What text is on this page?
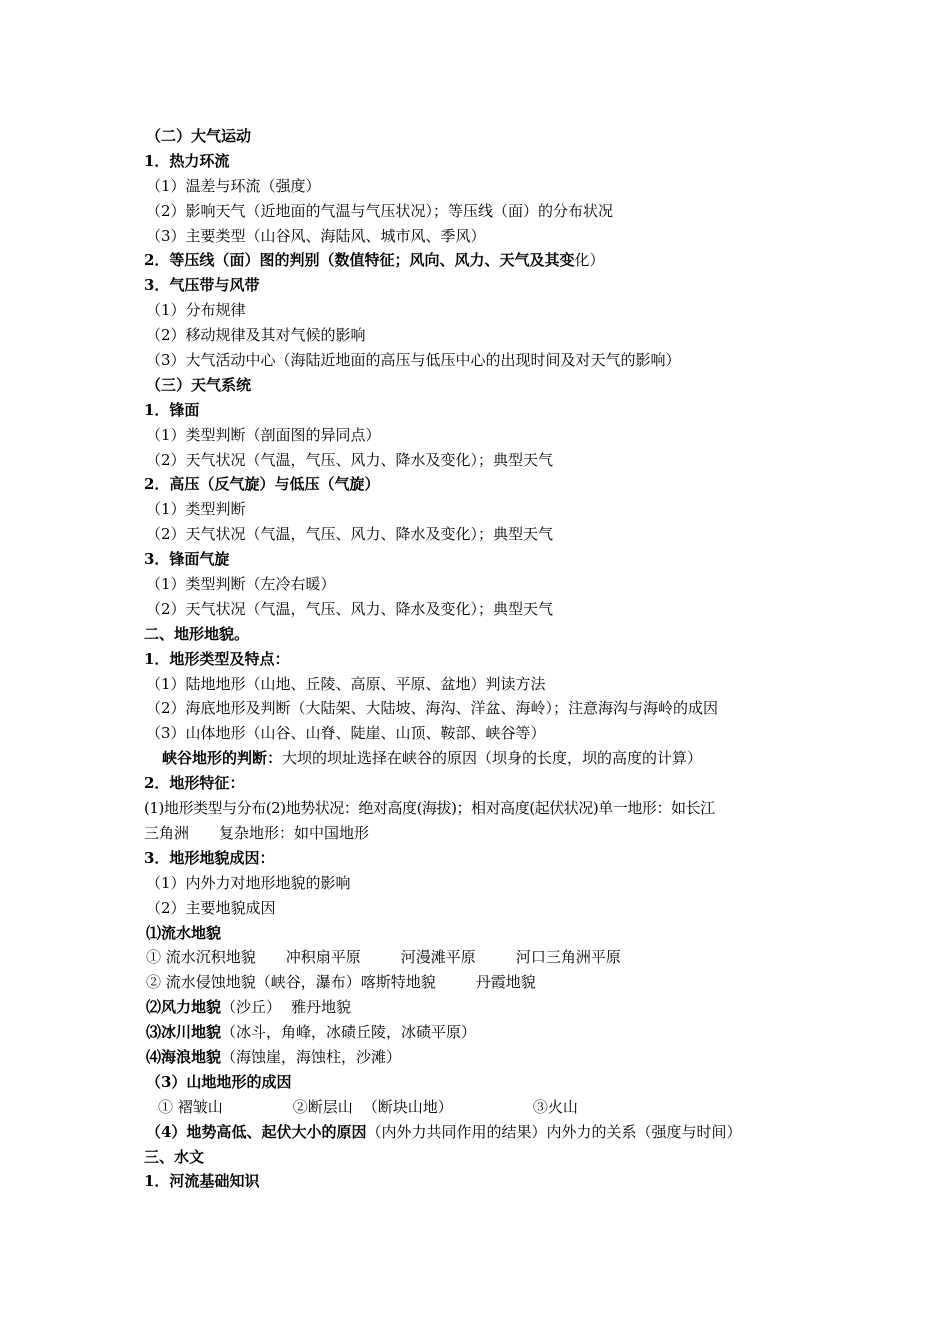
（二）大气运动
1．热力环流
（1）温差与环流（强度）
（2）影响天气（近地面的气温与气压状况）；等压线（面）的分布状况
（3）主要类型（山谷风、海陆风、城市风、季风）
2．等压线（面）图的判别（数值特征；风向、风力、天气及其变化）
3．气压带与风带
（1）分布规律
（2）移动规律及其对气候的影响
（3）大气活动中心（海陆近地面的高压与低压中心的出现时间及对天气的影响）
（三）天气系统
1．锋面
（1）类型判断（剖面图的异同点）
（2）天气状况（气温，气压、风力、降水及变化）；典型天气
2．高压（反气旋）与低压（气旋）
（1）类型判断
（2）天气状况（气温，气压、风力、降水及变化）；典型天气
3．锋面气旋
（1）类型判断（左冷右暖）
（2）天气状况（气温，气压、风力、降水及变化）；典型天气
二、地形地貌。
1．地形类型及特点：
（1）陆地地形（山地、丘陵、高原、平原、盆地）判读方法
（2）海底地形及判断（大陆架、大陆坡、海沟、洋盆、海岭）；注意海沟与海岭的成因
（3）山体地形（山谷、山脊、陡崖、山顶、鞍部、峡谷等）
峡谷地形的判断：大坝的坝址选择在峡谷的原因（坝身的长度，坝的高度的计算）
2．地形特征：
(1)地形类型与分布(2)地势状况：绝对高度(海拔)；相对高度(起伏状况)单一地形：如长江
三角洲 复杂地形：如中国地形
3．地形地貌成因：
（1）内外力对地形地貌的影响
（2）主要地貌成因
⑴流水地貌
① 流水沉积地貌 冲积扇平原	河漫滩平原	河口三角洲平原
② 流水侵蚀地貌（峡谷，瀑布）喀斯特地貌	丹霞地貌
⑵风力地貌（沙丘） 雅丹地貌
⑶冰川地貌（冰斗，角峰，冰碛丘陵，冰碛平原）
⑷海浪地貌（海蚀崖，海蚀柱，沙滩）
（3）山地地形的成因
① 褶皱山	②断层山 （断块山地）	③火山
（4）地势高低、起伏大小的原因（内外力共同作用的结果）内外力的关系（强度与时间）
三、水文
1．河流基础知识
